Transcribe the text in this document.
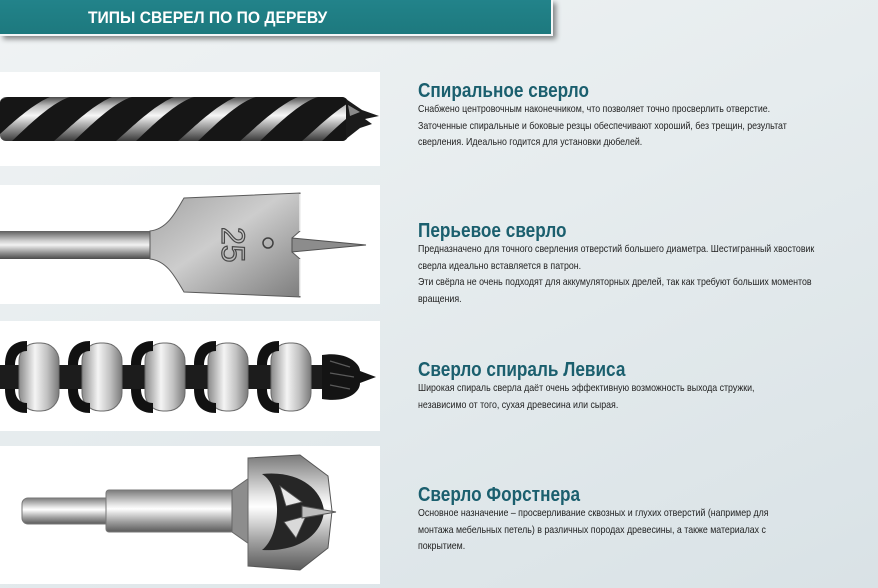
ТИПЫ СВЕРЕЛ ПО ПО ДЕРЕВУ
25
Спиральное сверло
Снабжено центровочным наконечником, что позволяет точно просверлить отверстие.
Заточенные спиральные и боковые резцы обеспечивают хороший, без трещин, результат
сверления. Идеально годится для установки дюбелей.
Перьевое сверло
Предназначено для точного сверления отверстий большего диаметра. Шестигранный хвостовик
сверла идеально вставляется в патрон.
Эти свёрла не очень подходят для аккумуляторных дрелей, так как требуют больших моментов
вращения.
Сверло спираль Левиса
Широкая спираль сверла даёт очень эффективную возможность выхода стружки,
независимо от того, сухая древесина или сырая.
Сверло Форстнера
Основное назначение – просверливание сквозных и глухих отверстий (например для
монтажа мебельных петель) в различных породах древесины, а также материалах с
покрытием.
